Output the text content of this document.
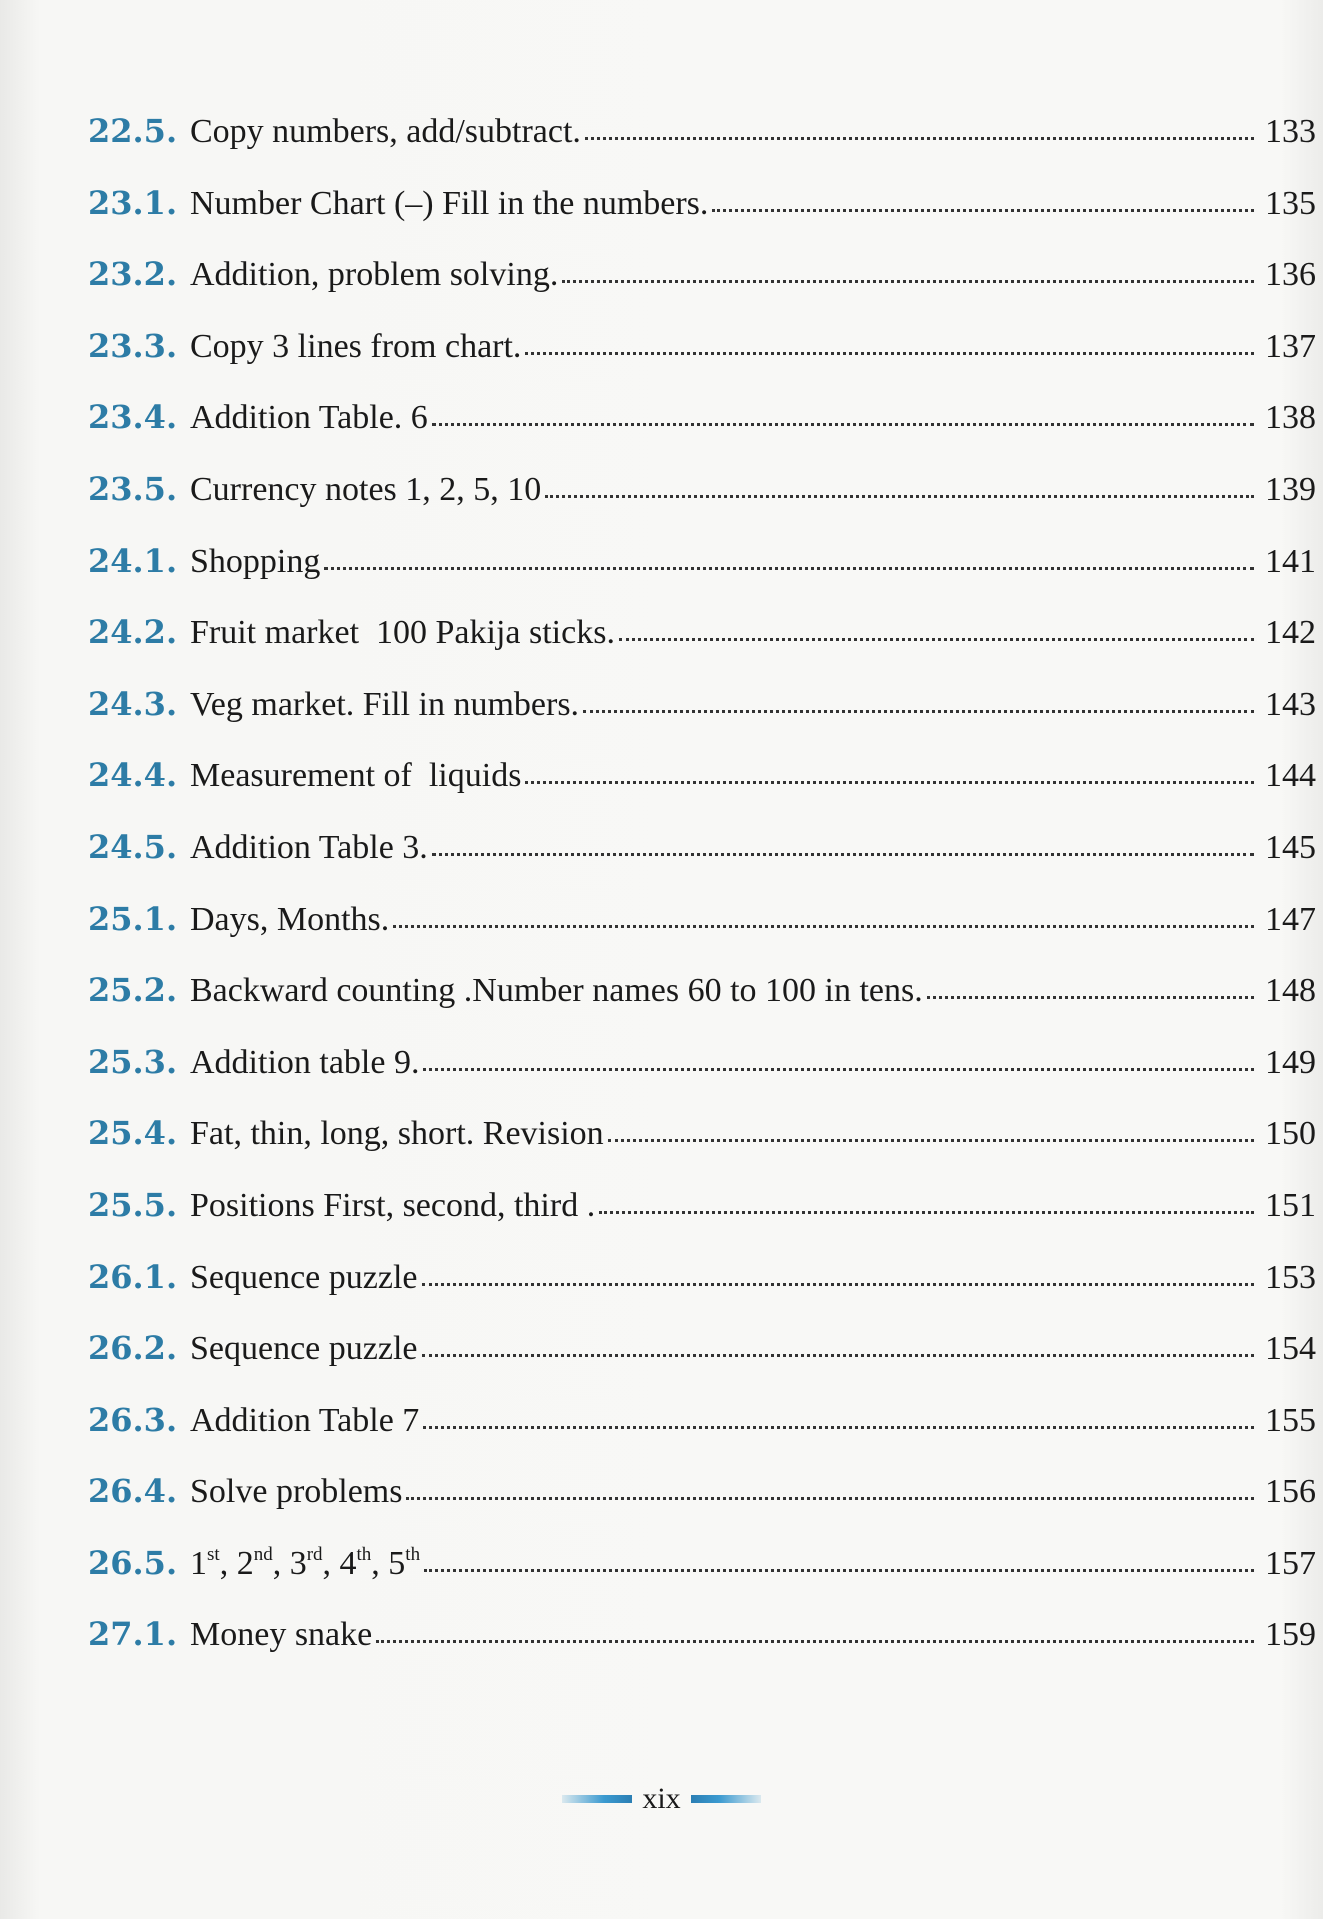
22.5. Copy numbers, add/subtract.	133
23.1. Number Chart (–) Fill in the numbers.	135
23.2. Addition, problem solving.	136
23.3. Copy 3 lines from chart.	137
23.4. Addition Table. 6	138
23.5. Currency notes 1, 2, 5, 10	139
24.1. Shopping	141
24.2. Fruit market  100 Pakija sticks.	142
24.3. Veg market. Fill in numbers.	143
24.4. Measurement of  liquids	144
24.5. Addition Table 3.	145
25.1. Days, Months.	147
25.2. Backward counting .Number names 60 to 100 in tens.	148
25.3. Addition table 9.	149
25.4. Fat, thin, long, short. Revision	150
25.5. Positions First, second, third .	151
26.1. Sequence puzzle	153
26.2. Sequence puzzle	154
26.3. Addition Table 7	155
26.4. Solve problems	156
26.5. 1st, 2nd, 3rd, 4th, 5th	157
27.1. Money snake	159
xix
